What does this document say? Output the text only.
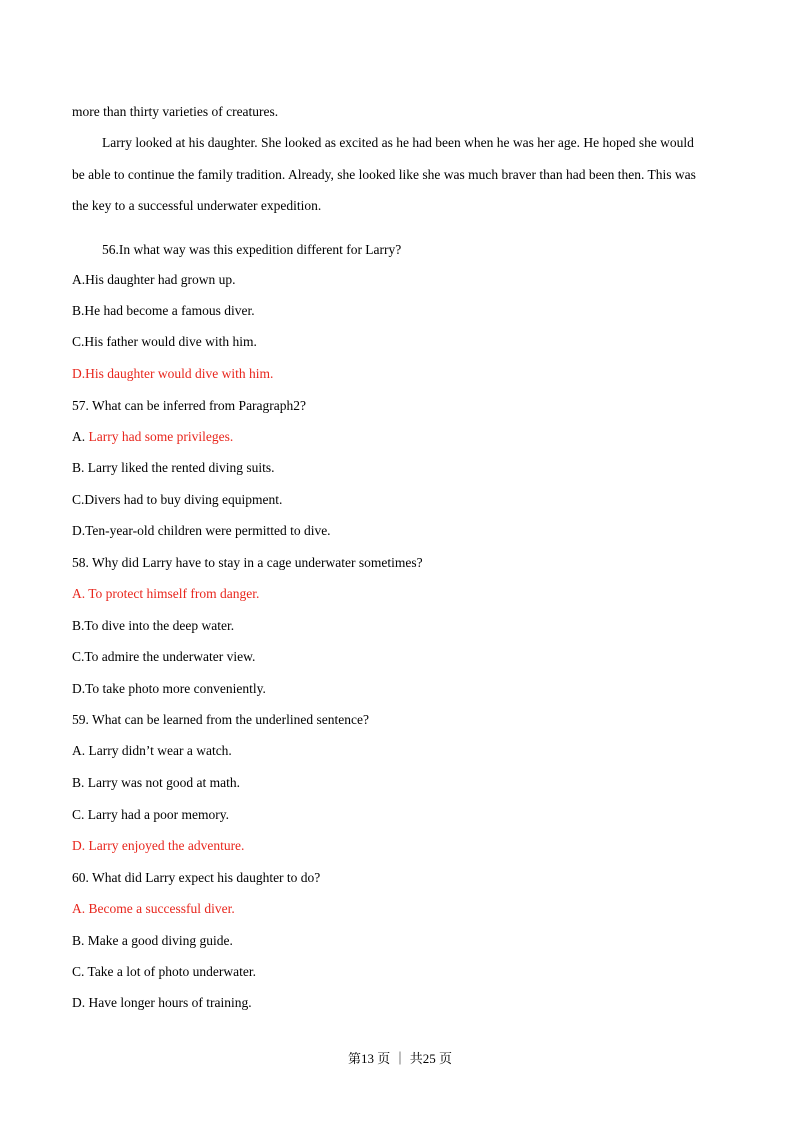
more than thirty varieties of creatures.
Larry looked at his daughter. She looked as excited as he had been when he was her age. He hoped she would
be able to continue the family tradition. Already, she looked like she was much braver than had been then. This was
the key to a successful underwater expedition.
56.In what way was this expedition different for Larry?
A.His daughter had grown up.
B.He had become a famous diver.
C.His father would dive with him.
D.His daughter would dive with him.
57. What can be inferred from Paragraph2?
A. Larry had some privileges.
B. Larry liked the rented diving suits.
C.Divers had to buy diving equipment.
D.Ten-year-old children were permitted to dive.
58. Why did Larry have to stay in a cage underwater sometimes?
A. To protect himself from danger.
B.To dive into the deep water.
C.To admire the underwater view.
D.To take photo more conveniently.
59. What can be learned from the underlined sentence?
A. Larry didn’t wear a watch.
B. Larry was not good at math.
C. Larry had a poor memory.
D. Larry enjoyed the adventure.
60. What did Larry expect his daughter to do?
A. Become a successful diver.
B. Make a good diving guide.
C. Take a lot of photo underwater.
D. Have longer hours of training.
第13 页 ｜ 共25 页
